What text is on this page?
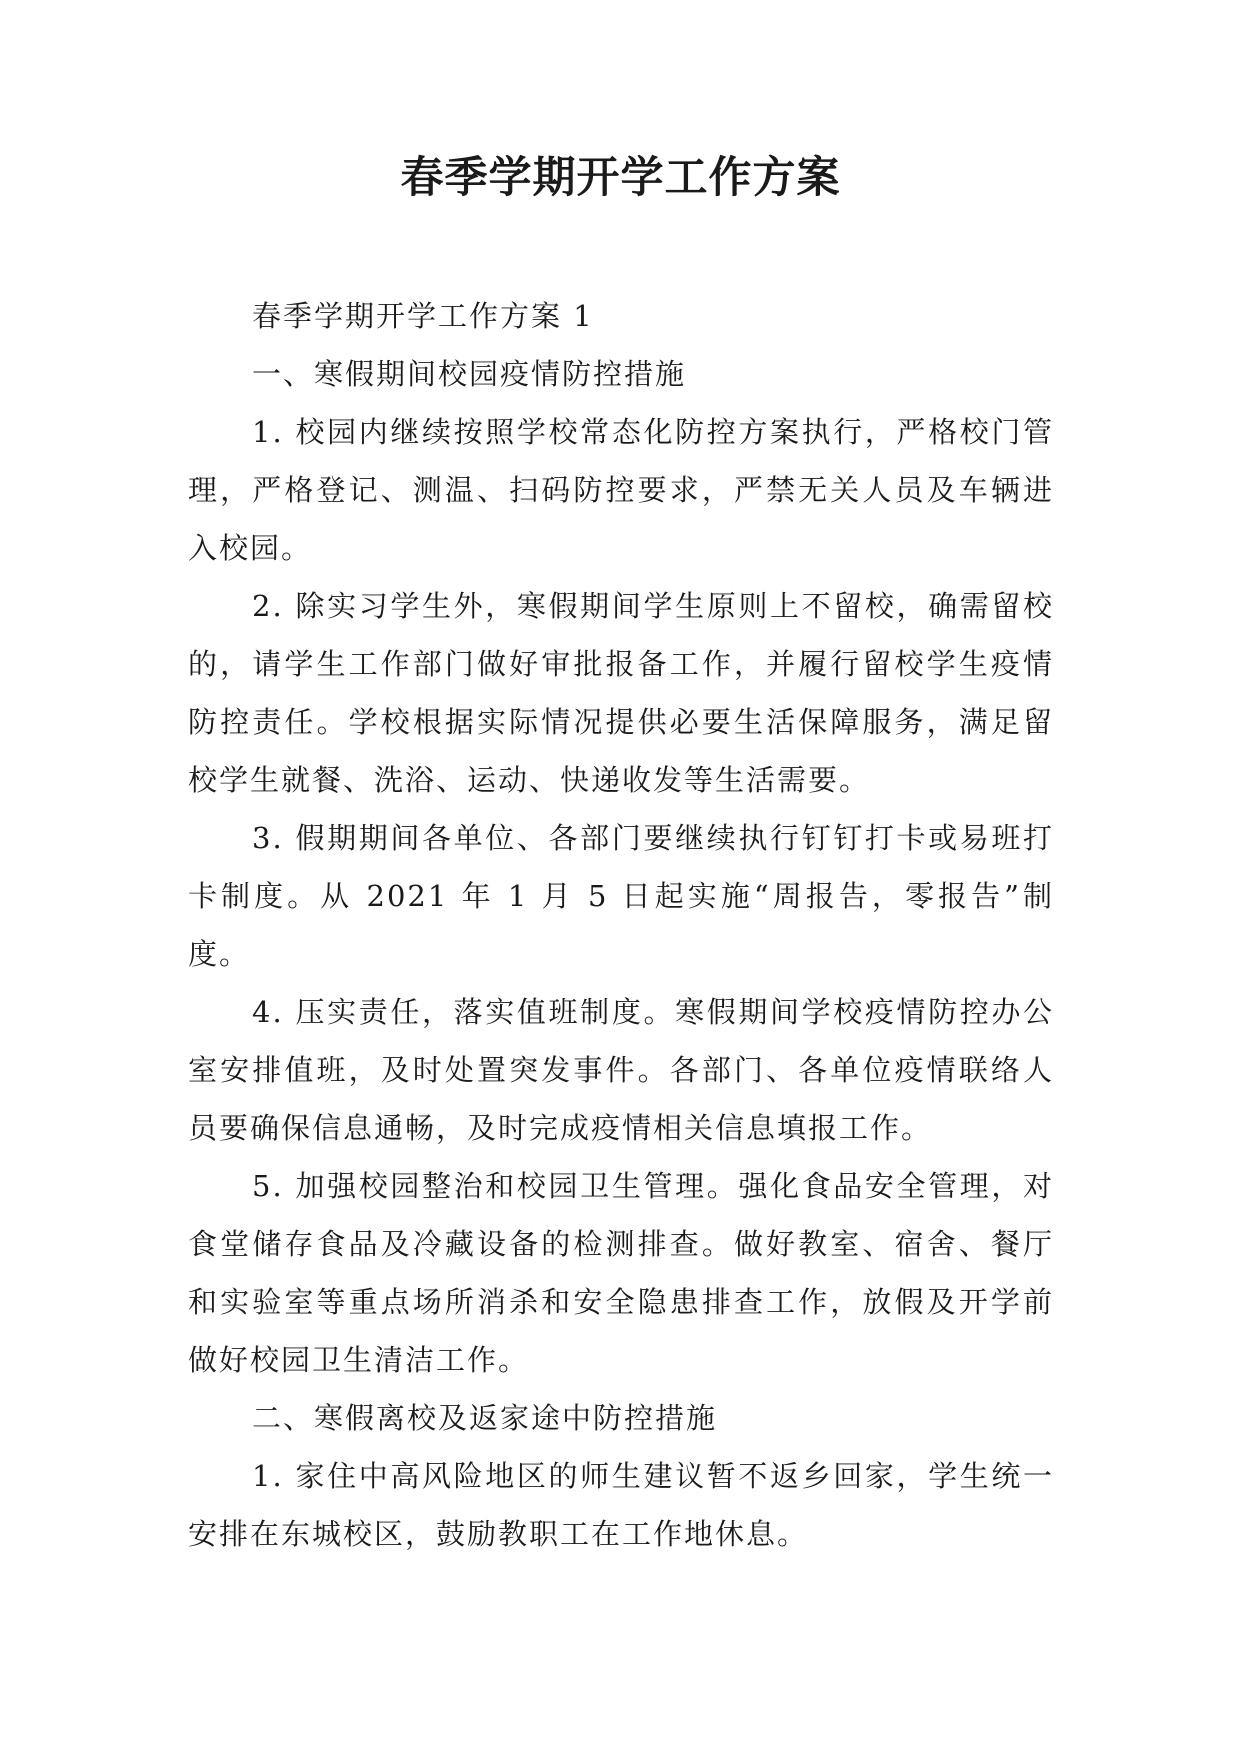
春季学期开学工作方案

春季学期开学工作方案 1

一、寒假期间校园疫情防控措施

1. 校园内继续按照学校常态化防控方案执行，严格校门管理，严格登记、测温、扫码防控要求，严禁无关人员及车辆进入校园。

2. 除实习学生外，寒假期间学生原则上不留校，确需留校的，请学生工作部门做好审批报备工作，并履行留校学生疫情防控责任。学校根据实际情况提供必要生活保障服务，满足留校学生就餐、洗浴、运动、快递收发等生活需要。

3. 假期期间各单位、各部门要继续执行钉钉打卡或易班打卡制度。从 2021 年 1 月 5 日起实施“周报告，零报告”制度。

4. 压实责任，落实值班制度。寒假期间学校疫情防控办公室安排值班，及时处置突发事件。各部门、各单位疫情联络人员要确保信息通畅，及时完成疫情相关信息填报工作。

5. 加强校园整治和校园卫生管理。强化食品安全管理，对食堂储存食品及冷藏设备的检测排查。做好教室、宿舍、餐厅和实验室等重点场所消杀和安全隐患排查工作，放假及开学前做好校园卫生清洁工作。

二、寒假离校及返家途中防控措施

1. 家住中高风险地区的师生建议暂不返乡回家，学生统一安排在东城校区，鼓励教职工在工作地休息。
